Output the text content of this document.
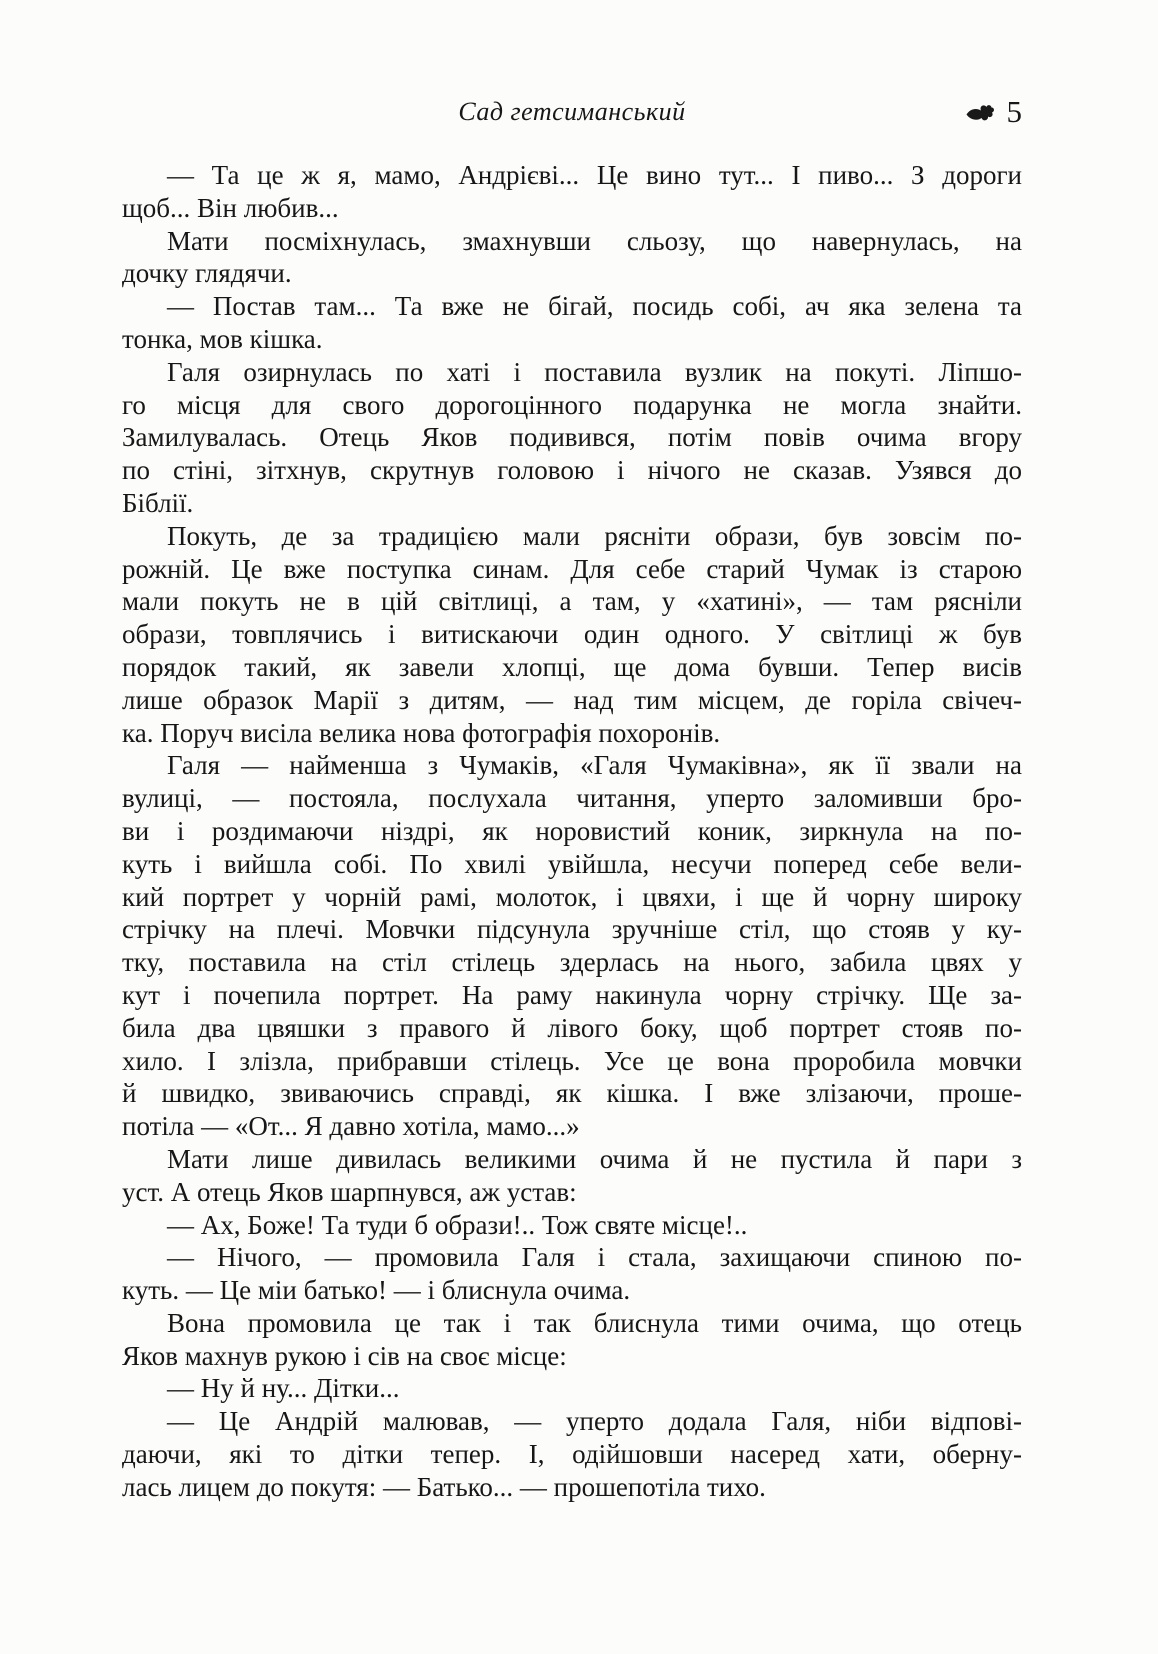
Сад гетсиманський	5
— Та це ж я, мамо, Андрієві... Це вино тут... І пиво... З дороги
щоб... Він любив...
Мати посміхнулась, змахнувши сльозу, що навернулась, на
дочку глядячи.
— Постав там... Та вже не бігай, посидь собі, ач яка зелена та
тонка, мов кішка.
Галя озирнулась по хаті і поставила вузлик на покуті. Ліпшо-
го місця для свого дорогоцінного подарунка не могла знайти.
Замилувалась. Отець Яков подивився, потім повів очима вгору
по стіні, зітхнув, скрутнув головою і нічого не сказав. Узявся до
Біблії.
Покуть, де за традицією мали рясніти образи, був зовсім по-
рожній. Це вже поступка синам. Для себе старий Чумак із старою
мали покуть не в цій світлиці, а там, у «хатині», — там рясніли
образи, товплячись і витискаючи один одного. У світлиці ж був
порядок такий, як завели хлопці, ще дома бувши. Тепер висів
лише образок Марії з дитям, — над тим місцем, де горіла свічеч-
ка. Поруч висіла велика нова фотографія похоронів.
Галя — найменша з Чумаків, «Галя Чумаківна», як її звали на
вулиці, — постояла, послухала читання, уперто заломивши бро-
ви і роздимаючи ніздрі, як норовистий коник, зиркнула на по-
куть і вийшла собі. По хвилі увійшла, несучи поперед себе вели-
кий портрет у чорній рамі, молоток, і цвяхи, і ще й чорну широку
стрічку на плечі. Мовчки підсунула зручніше стіл, що стояв у ку-
тку, поставила на стіл стілець здерлась на нього, забила цвях у
кут і почепила портрет. На раму накинула чорну стрічку. Ще за-
била два цвяшки з правого й лівого боку, щоб портрет стояв по-
хило. І злізла, прибравши стілець. Усе це вона проробила мовчки
й швидко, звиваючись справді, як кішка. І вже злізаючи, проше-
потіла — «От... Я давно хотіла, мамо...»
Мати лише дивилась великими очима й не пустила й пари з
уст. А отець Яков шарпнувся, аж устав:
— Ах, Боже! Та туди б образи!.. Тож святе місце!..
— Нічого, — промовила Галя і стала, захищаючи спиною по-
куть. — Це міи батько! — і блиснула очима.
Вона промовила це так і так блиснула тими очима, що отець
Яков махнув рукою і сів на своє місце:
— Ну й ну... Дітки...
— Це Андрій малював, — уперто додала Галя, ніби відпові-
даючи, які то дітки тепер. І, одійшовши насеред хати, оберну-
лась лицем до покутя: — Батько... — прошепотіла тихо.
